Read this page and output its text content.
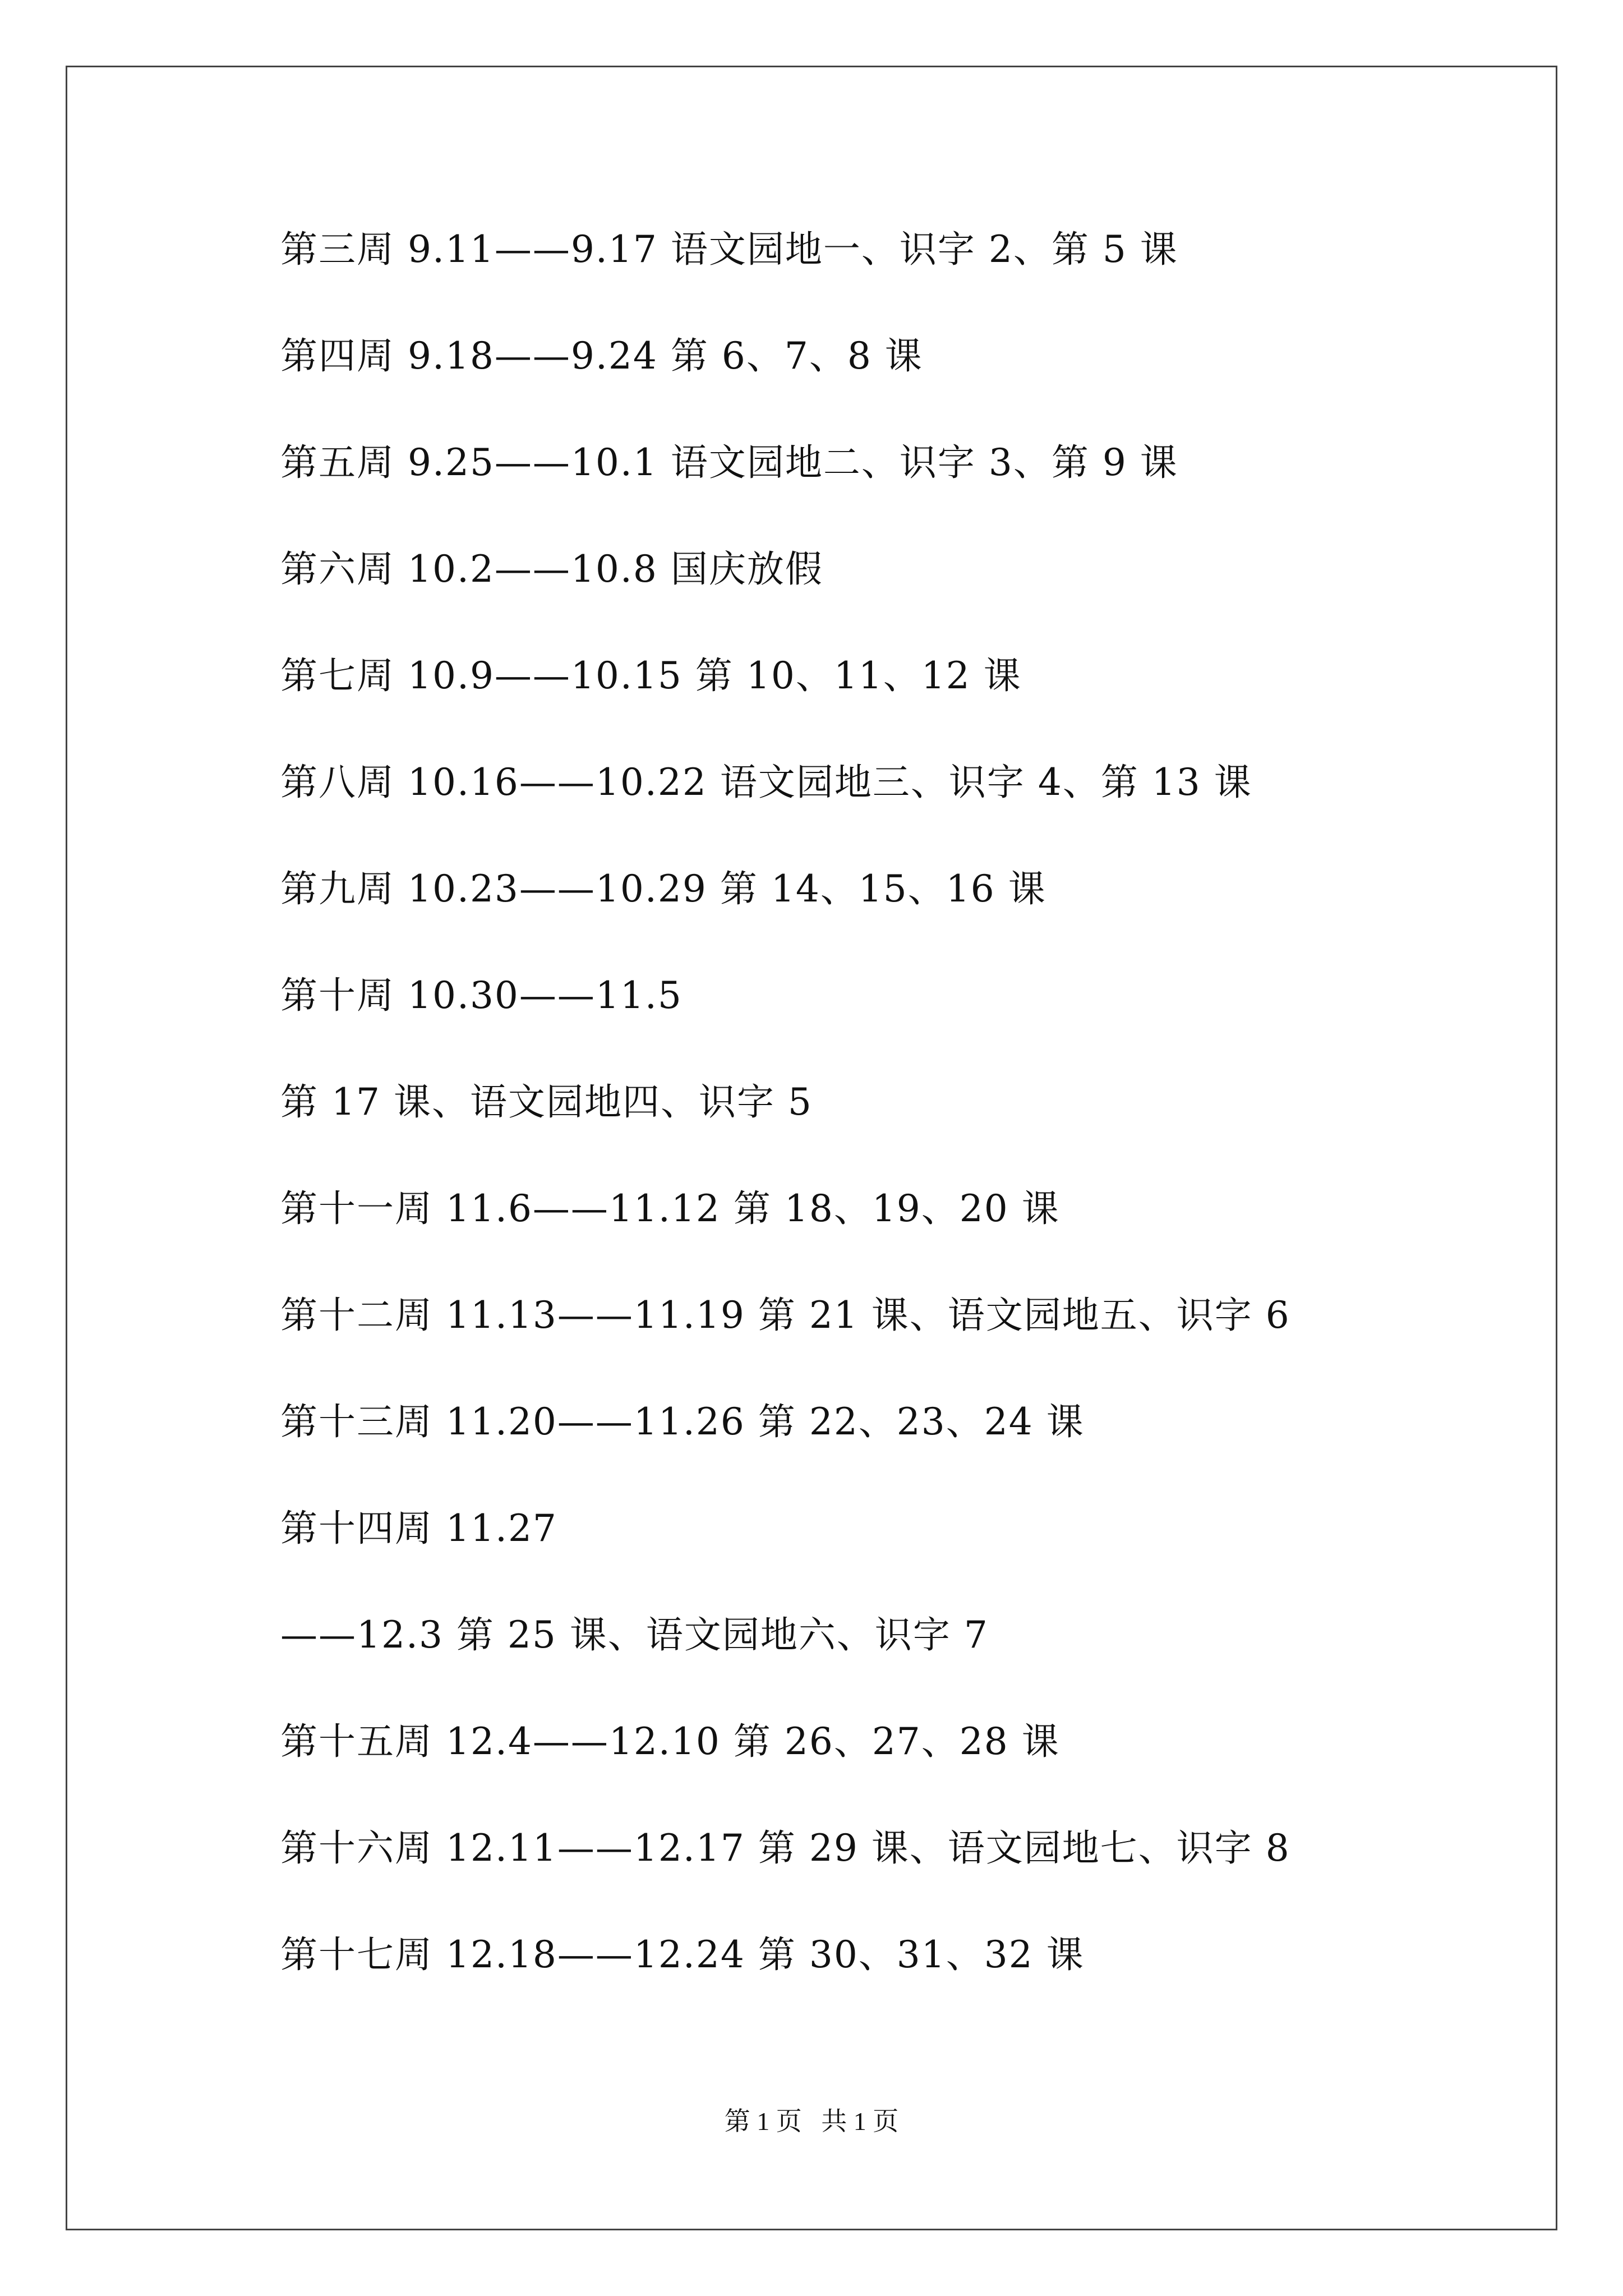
第三周 9.11——9.17 语文园地一、识字 2、第 5 课
第四周 9.18——9.24 第 6、7、8 课
第五周 9.25——10.1 语文园地二、识字 3、第 9 课
第六周 10.2——10.8 国庆放假
第七周 10.9——10.15 第 10、11、12 课
第八周 10.16——10.22 语文园地三、识字 4、第 13 课
第九周 10.23——10.29 第 14、15、16 课
第十周 10.30——11.5
第 17 课、语文园地四、识字 5
第十一周 11.6——11.12 第 18、19、20 课
第十二周 11.13——11.19 第 21 课、语文园地五、识字 6
第十三周 11.20——11.26 第 22、23、24 课
第十四周 11.27
——12.3 第 25 课、语文园地六、识字 7
第十五周 12.4——12.10 第 26、27、28 课
第十六周 12.11——12.17 第 29 课、语文园地七、识字 8
第十七周 12.18——12.24 第 30、31、32 课
第 1 页   共 1 页
